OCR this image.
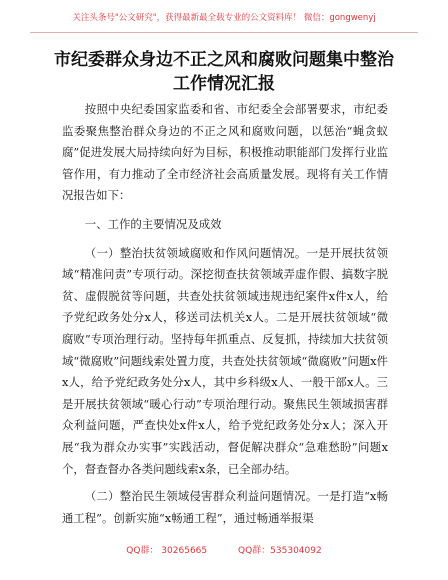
关注头条号"公文研究"，获得最新最全载专业的公文资料库！ 微信：gongwenyj
市纪委群众身边不正之风和腐败问题集中整治
工作情况汇报

按照中央纪委国家监委和省、市纪委全会部署要求，市纪委监委聚焦整治群众身边的不正之风和腐败问题，以惩治“蝇贪蚁腐”促进发展大局持续向好为目标，积极推动职能部门发挥行业监管作用，有力推动了全市经济社会高质量发展。现将有关工作情况报告如下：

一、工作的主要情况及成效

（一）整治扶贫领域腐败和作风问题情况。一是开展扶贫领域“精准问责”专项行动。深挖彻查扶贫领域弄虚作假、搞数字脱贫、虚假脱贫等问题，共查处扶贫领域违规违纪案件x件x人，给予党纪政务处分x人，移送司法机关x人。二是开展扶贫领域“微腐败”专项治理行动。坚持每年抓重点、反复抓，持续加大扶贫领域“微腐败”问题线索处置力度，共查处扶贫领域“微腐败”问题x件x人，给予党纪政务处分x人，其中乡科级x人、一般干部x人。三是开展扶贫领域“暖心行动”专项治理行动。聚焦民生领域损害群众利益问题，严查快处x件x人，给予党纪政务处分x人；深入开展“我为群众办实事”实践活动，督促解决群众“急难愁盼”问题x个，督查督办各类问题线索x条，已全部办结。

（二）整治民生领域侵害群众利益问题情况。一是打造“x畅通工程”。创新实施“x畅通工程”，通过畅通举报渠

QQ群： 30265665	QQ群：535304092
